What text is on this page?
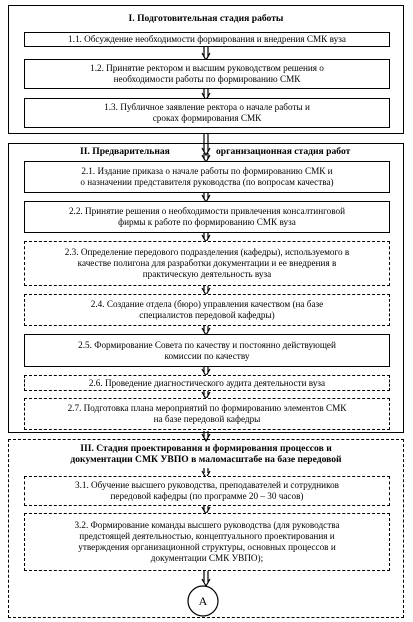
I. Подготовительная стадия работы
1.1. Обсуждение необходимости формирования и внедрения СМК вуза
1.2. Принятие ректором и высшим руководством решения о
необходимости работы по формированию СМК
1.3. Публичное заявление ректора о начале работы и
сроках формирования СМК
II. Предварительная	организационная стадия работ
2.1. Издание приказа о начале работы по формированию СМК и
о назначении представителя руководства (по вопросам качества)
2.2. Принятие решения о необходимости привлечения консалтинговой
фирмы к работе по формированию СМК вуза
2.3. Определение передового подразделения (кафедры), используемого в
качестве полигона для разработки документации и ее внедрения в
практическую деятельность вуза
2.4. Создание отдела (бюро) управления качеством (на базе
специалистов передовой кафедры)
2.5. Формирование Совета по качеству и постоянно действующей
комиссии по качеству
2.6. Проведение диагностического аудита деятельности вуза
2.7. Подготовка плана мероприятий по формированию элементов СМК
на базе передовой кафедры
III. Стадия проектирования и формирования процессов и
документации СМК УВПО в маломасштабе на базе передовой
3.1. Обучение высшего руководства, преподавателей и сотрудников
передовой кафедры (по программе 20 – 30 часов)
3.2. Формирование команды высшего руководства (для руководства
предстоящей деятельностью, концептуального проектирования и
утверждения организационной структуры, основных процессов и
документации СМК УВПО);
А
